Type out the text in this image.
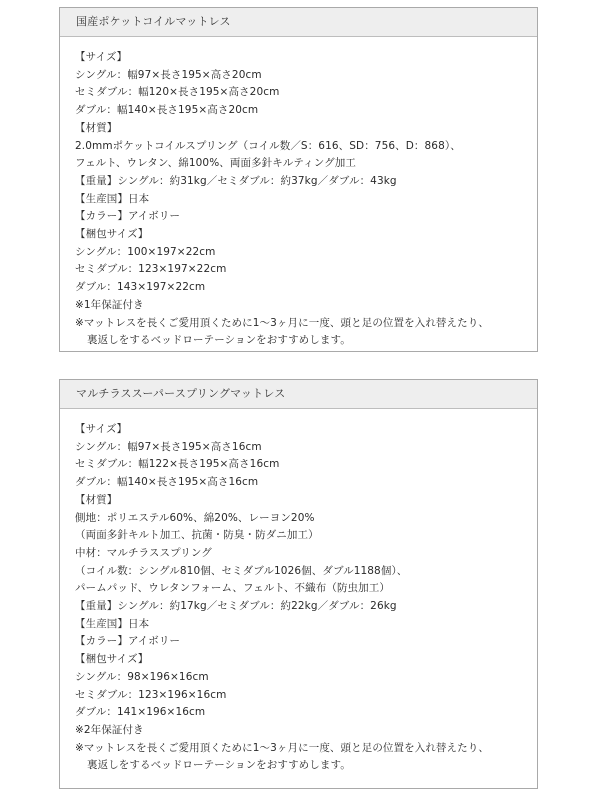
国産ポケットコイルマットレス
【サイズ】
シングル：幅97×長さ195×高さ20cm
セミダブル：幅120×長さ195×高さ20cm
ダブル：幅140×長さ195×高さ20cm
【材質】
2.0mmポケットコイルスプリング（コイル数／S：616、SD：756、D：868）、
フェルト、ウレタン、綿100%、両面多針キルティング加工
【重量】シングル：約31kg／セミダブル：約37kg／ダブル：43kg
【生産国】日本
【カラー】アイボリー
【梱包サイズ】
シングル：100×197×22cm
セミダブル：123×197×22cm
ダブル：143×197×22cm
※1年保証付き
※マットレスを長くご愛用頂くために1～3ヶ月に一度、頭と足の位置を入れ替えたり、
裏返しをするベッドローテーションをおすすめします。
マルチラススーパースプリングマットレス
【サイズ】
シングル：幅97×長さ195×高さ16cm
セミダブル：幅122×長さ195×高さ16cm
ダブル：幅140×長さ195×高さ16cm
【材質】
側地：ポリエステル60%、綿20%、レーヨン20%
（両面多針キルト加工、抗菌・防臭・防ダニ加工）
中材：マルチラススプリング
（コイル数：シングル810個、セミダブル1026個、ダブル1188個）、
パームパッド、ウレタンフォーム、フェルト、不織布（防虫加工）
【重量】シングル：約17kg／セミダブル：約22kg／ダブル：26kg
【生産国】日本
【カラー】アイボリー
【梱包サイズ】
シングル：98×196×16cm
セミダブル：123×196×16cm
ダブル：141×196×16cm
※2年保証付き
※マットレスを長くご愛用頂くために1～3ヶ月に一度、頭と足の位置を入れ替えたり、
裏返しをするベッドローテーションをおすすめします。
